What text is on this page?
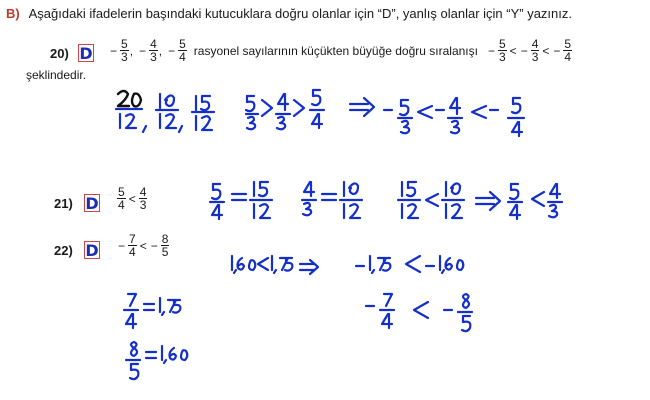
B) Aşağıdaki ifadelerin başındaki kutucuklara doğru olanlar için “D”, yanlış olanlar için “Y” yazınız.
20) $D - \frac{5}{3}$ , − $\frac{4}{3}$ , − $\frac{5}{4}$ rasyonel sayılarının küçükten büyüğe doğru sıralanışı − $\frac{5}{3}$ < − $\frac{4}{3}$ < − $\frac{5}{4}$
şeklindedir.
21) D $\frac{5}{4} < \frac{4}{3}$
22) $D - \frac{7}{4}$ < − $\frac{8}{5}$
